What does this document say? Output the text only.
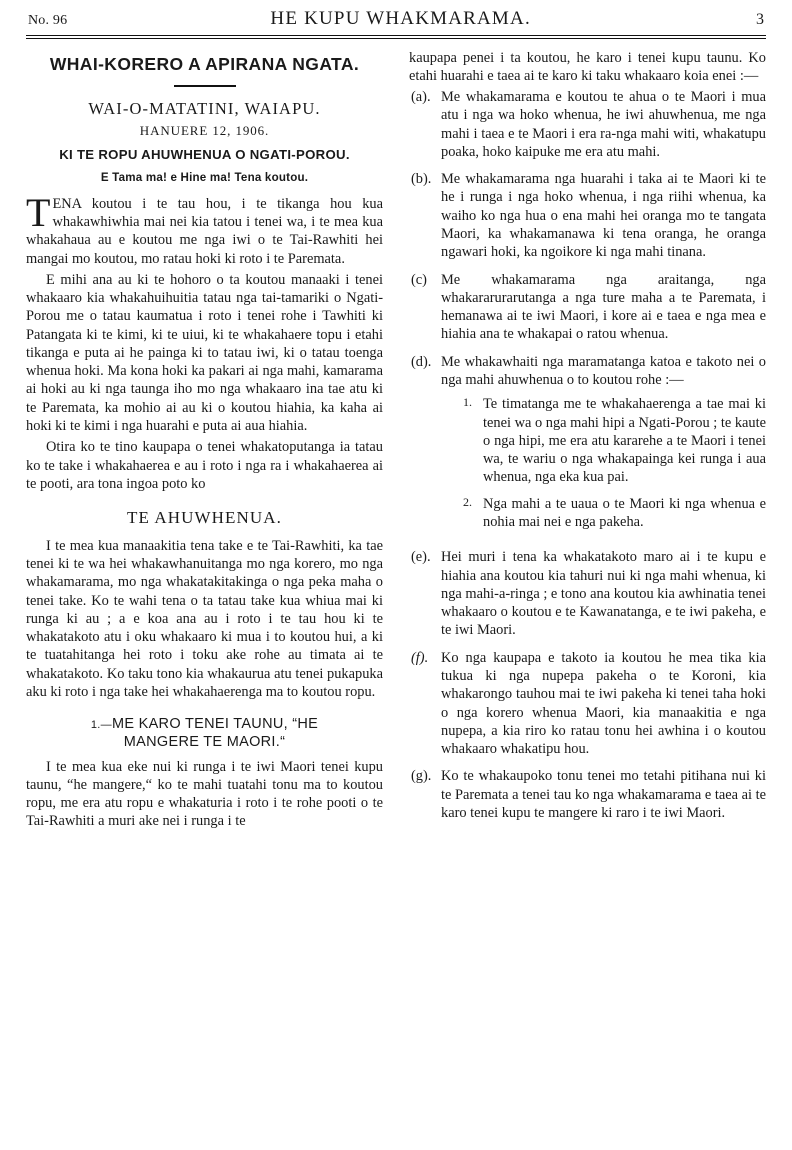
No. 96	HE KUPU WHAKMARAMA.	3
WHAI-KORERO A APIRANA NGATA.
WAI-O-MATATINI, WAIAPU.
HANUERE 12, 1906.
KI TE ROPU AHUWHENUA O NGATI-POROU.
E Tama ma! e Hine ma! Tena koutou.

TENA koutou i te tau hou, i te tikanga hou kua whakawhiwhia mai nei kia tatou i tenei wa, i te mea kua whakahaua au e koutou me nga iwi o te Tai-Rawhiti hei mangai mo koutou, mo ratau hoki ki roto i te Paremata.

E mihi ana au ki te hohoro o ta koutou manaaki i tenei whakaaro kia whakahuihuitia tatau nga tai-tamariki o Ngati-Porou me o tatau kaumatua i roto i tenei rohe i Tawhiti ki Patangata ki te kimi, ki te uiui, ki te whakahaere topu i etahi tikanga e puta ai he painga ki to tatau iwi, ki o tatau toenga whenua hoki. Ma kona hoki ka pakari ai nga mahi, kamarama ai hoki au ki nga taunga iho mo nga whakaaro ina tae atu ki te Paremata, ka mohio ai au ki o koutou hiahia, ka kaha ai hoki ki te kimi i nga huarahi e puta ai aua hiahia.

Otira ko te tino kaupapa o tenei whakatoputanga ia tatau ko te take i whakahaerea e au i roto i nga ra i whakahaerea ai te pooti, ara tona ingoa poto ko

TE AHUWHENUA.

I te mea kua manaakitia tena take e te Tai-Rawhiti, ka tae tenei ki te wa hei whakawhanuitanga mo nga korero, mo nga whakamarama, mo nga whakatakitakinga o nga peka maha o tenei take. Ko te wahi tena o ta tatau take kua whiua mai ki runga ki au ; a e koa ana au i roto i te tau hou ki te whakatakoto atu i oku whakaaro ki mua i to koutou hui, a ki te tuatahitanga hei roto i toku ake rohe au timata ai te whakatakoto. Ko taku tono kia whakaurua atu tenei pukapuka aku ki roto i nga take hei whakahaerenga ma to koutou ropu.

1.—ME KARO TENEI TAUNU, “HE
MANGERE TE MAORI.“

I te mea kua eke nui ki runga i te iwi Maori tenei kupu taunu, “he mangere,“ ko te mahi tuatahi tonu ma to koutou ropu, me era atu ropu e whakaturia i roto i te rohe pooti o te Tai-Rawhiti a muri ake nei i runga i te

kaupapa penei i ta koutou, he karo i tenei kupu taunu. Ko etahi huarahi e taea ai te karo ki taku whakaaro koia enei :—

(a). Me whakamarama e koutou te ahua o te Maori i mua atu i nga wa hoko whenua, he iwi ahuwhenua, me nga mahi i taea e te Maori i era ra-nga mahi witi, whakatupu poaka, hoko kaipuke me era atu mahi.
(b). Me whakamarama nga huarahi i taka ai te Maori ki te he i runga i nga hoko whenua, i nga riihi whenua, ka waiho ko nga hua o ena mahi hei oranga mo te tangata Maori, ka whakamanawa ki tena oranga, he oranga ngawari hoki, ka ngoikore ki nga mahi tinana.
(c) Me whakamarama nga araitanga, nga whakararurarutanga a nga ture maha a te Paremata, i hemanawa ai te iwi Maori, i kore ai e taea e nga mea e hiahia ana te whakapai o ratou whenua.
(d). Me whakawhaiti nga maramatanga katoa e takoto nei o nga mahi ahuwhenua o to koutou rohe :—
1. Te timatanga me te whakahaerenga a tae mai ki tenei wa o nga mahi hipi a Ngati-Porou ; te kaute o nga hipi, me era atu kararehe a te Maori i tenei wa, te wariu o nga whakapainga kei runga i aua whenua, nga eka kua pai.
2. Nga mahi a te uaua o te Maori ki nga whenua e nohia mai nei e nga pakeha.
(e). Hei muri i tena ka whakatakoto maro ai i te kupu e hiahia ana koutou kia tahuri nui ki nga mahi whenua, ki nga mahi-a-ringa ; e tono ana koutou kia awhinatia tenei whakaaro o koutou e te Kawanatanga, e te iwi pakeha, e te iwi Maori.
(f). Ko nga kaupapa e takoto ia koutou he mea tika kia tukua ki nga nupepa pakeha o te Koroni, kia whakarongo tauhou mai te iwi pakeha ki tenei taha hoki o nga korero whenua Maori, kia manaakitia e nga nupepa, a kia riro ko ratau tonu hei awhina i o koutou whakaaro whakatipu hou.
(g). Ko te whakaupoko tonu tenei mo tetahi pitihana nui ki te Paremata a tenei tau ko nga whakamarama e taea ai te karo tenei kupu te mangere ki raro i te iwi Maori.
